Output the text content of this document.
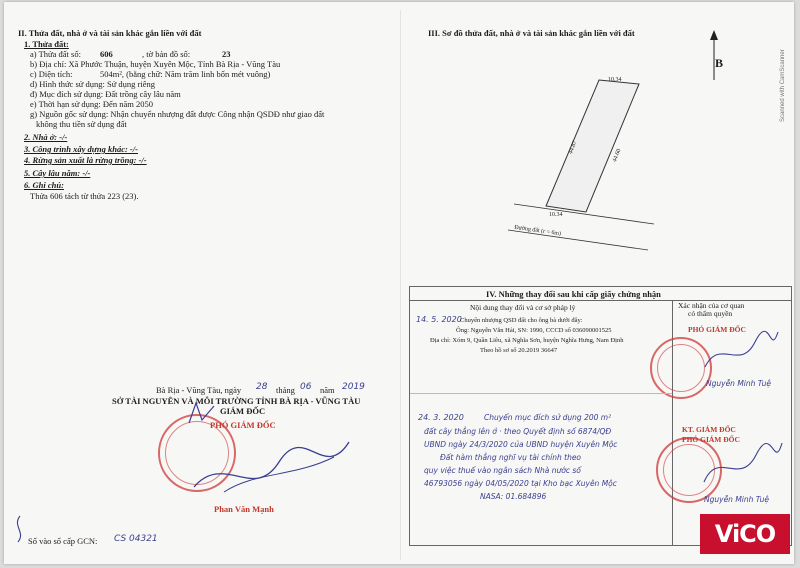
II. Thửa đất, nhà ở và tài sản khác gắn liền với đất
1. Thửa đất:
a) Thửa đất số: 606	, tờ bản đồ số:	23
b) Địa chỉ: Xã Phước Thuận, huyện Xuyên Mộc, Tỉnh Bà Rịa - Vũng Tàu
c) Diện tích:	504m², (bằng chữ: Năm trăm linh bốn mét vuông)
d) Hình thức sử dụng: Sử dụng riêng
đ) Mục đích sử dụng: Đất trồng cây lâu năm
e) Thời hạn sử dụng: Đến năm 2050
g) Nguồn gốc sử dụng: Nhận chuyển nhượng đất được Công nhận QSDĐ như giao đất
không thu tiền sử dụng đất
2. Nhà ở: -/-
3. Công trình xây dựng khác: -/-
4. Rừng sản xuất là rừng trồng: -/-
5. Cây lâu năm: -/-
6. Ghi chú:
Thửa 606 tách từ thửa 223 (23).
Bà Rịa - Vũng Tàu, ngày 28 tháng 06 năm 2019
SỞ TÀI NGUYÊN VÀ MÔI TRƯỜNG TỈNH BÀ RỊA - VŨNG TÀU
GIÁM ĐỐC
PHÓ GIÁM ĐỐC
Phan Văn Mạnh
Số vào sổ cấp GCN: CS 04321
III. Sơ đồ thửa đất, nhà ở và tài sản khác gắn liền với đất
B
10.34
10.34
44.87
44.60
Đường đất (r = 6m)
IV. Những thay đổi sau khi cấp giấy chứng nhận
Nội dung thay đổi và cơ sở pháp lý	Xác nhận của cơ quan
có thẩm quyền
14. 5. 2020
Chuyển nhượng QSD đất cho ông bà dưới đây:
Ông: Nguyễn Văn Hải, SN: 1990, CCCD số 036090001525
Địa chỉ: Xóm 9, Quần Liêu, xã Nghĩa Sơn, huyện Nghĩa Hưng, Nam Định
Theo hồ sơ số 20.2019 36647
PHÓ GIÁM ĐỐC
Nguyễn Minh Tuệ
24. 3. 2020	Chuyển mục đích sử dụng 200 m²
đất cây thẳng lên ở · theo Quyết định số 6874/QĐ
UBND ngày 24/3/2020 của UBND huyện Xuyên Mộc
Đất hàm thẳng nghĩ vụ tài chính theo
quy việc thuế vào ngân sách Nhà nước số
46793056 ngày 04/05/2020 tại Kho bạc Xuyên Mộc
NASA: 01.684896
KT. GIÁM ĐỐC
PHÓ GIÁM ĐỐC
Nguyễn Minh Tuệ
Scanned with CamScanner
ViCO
